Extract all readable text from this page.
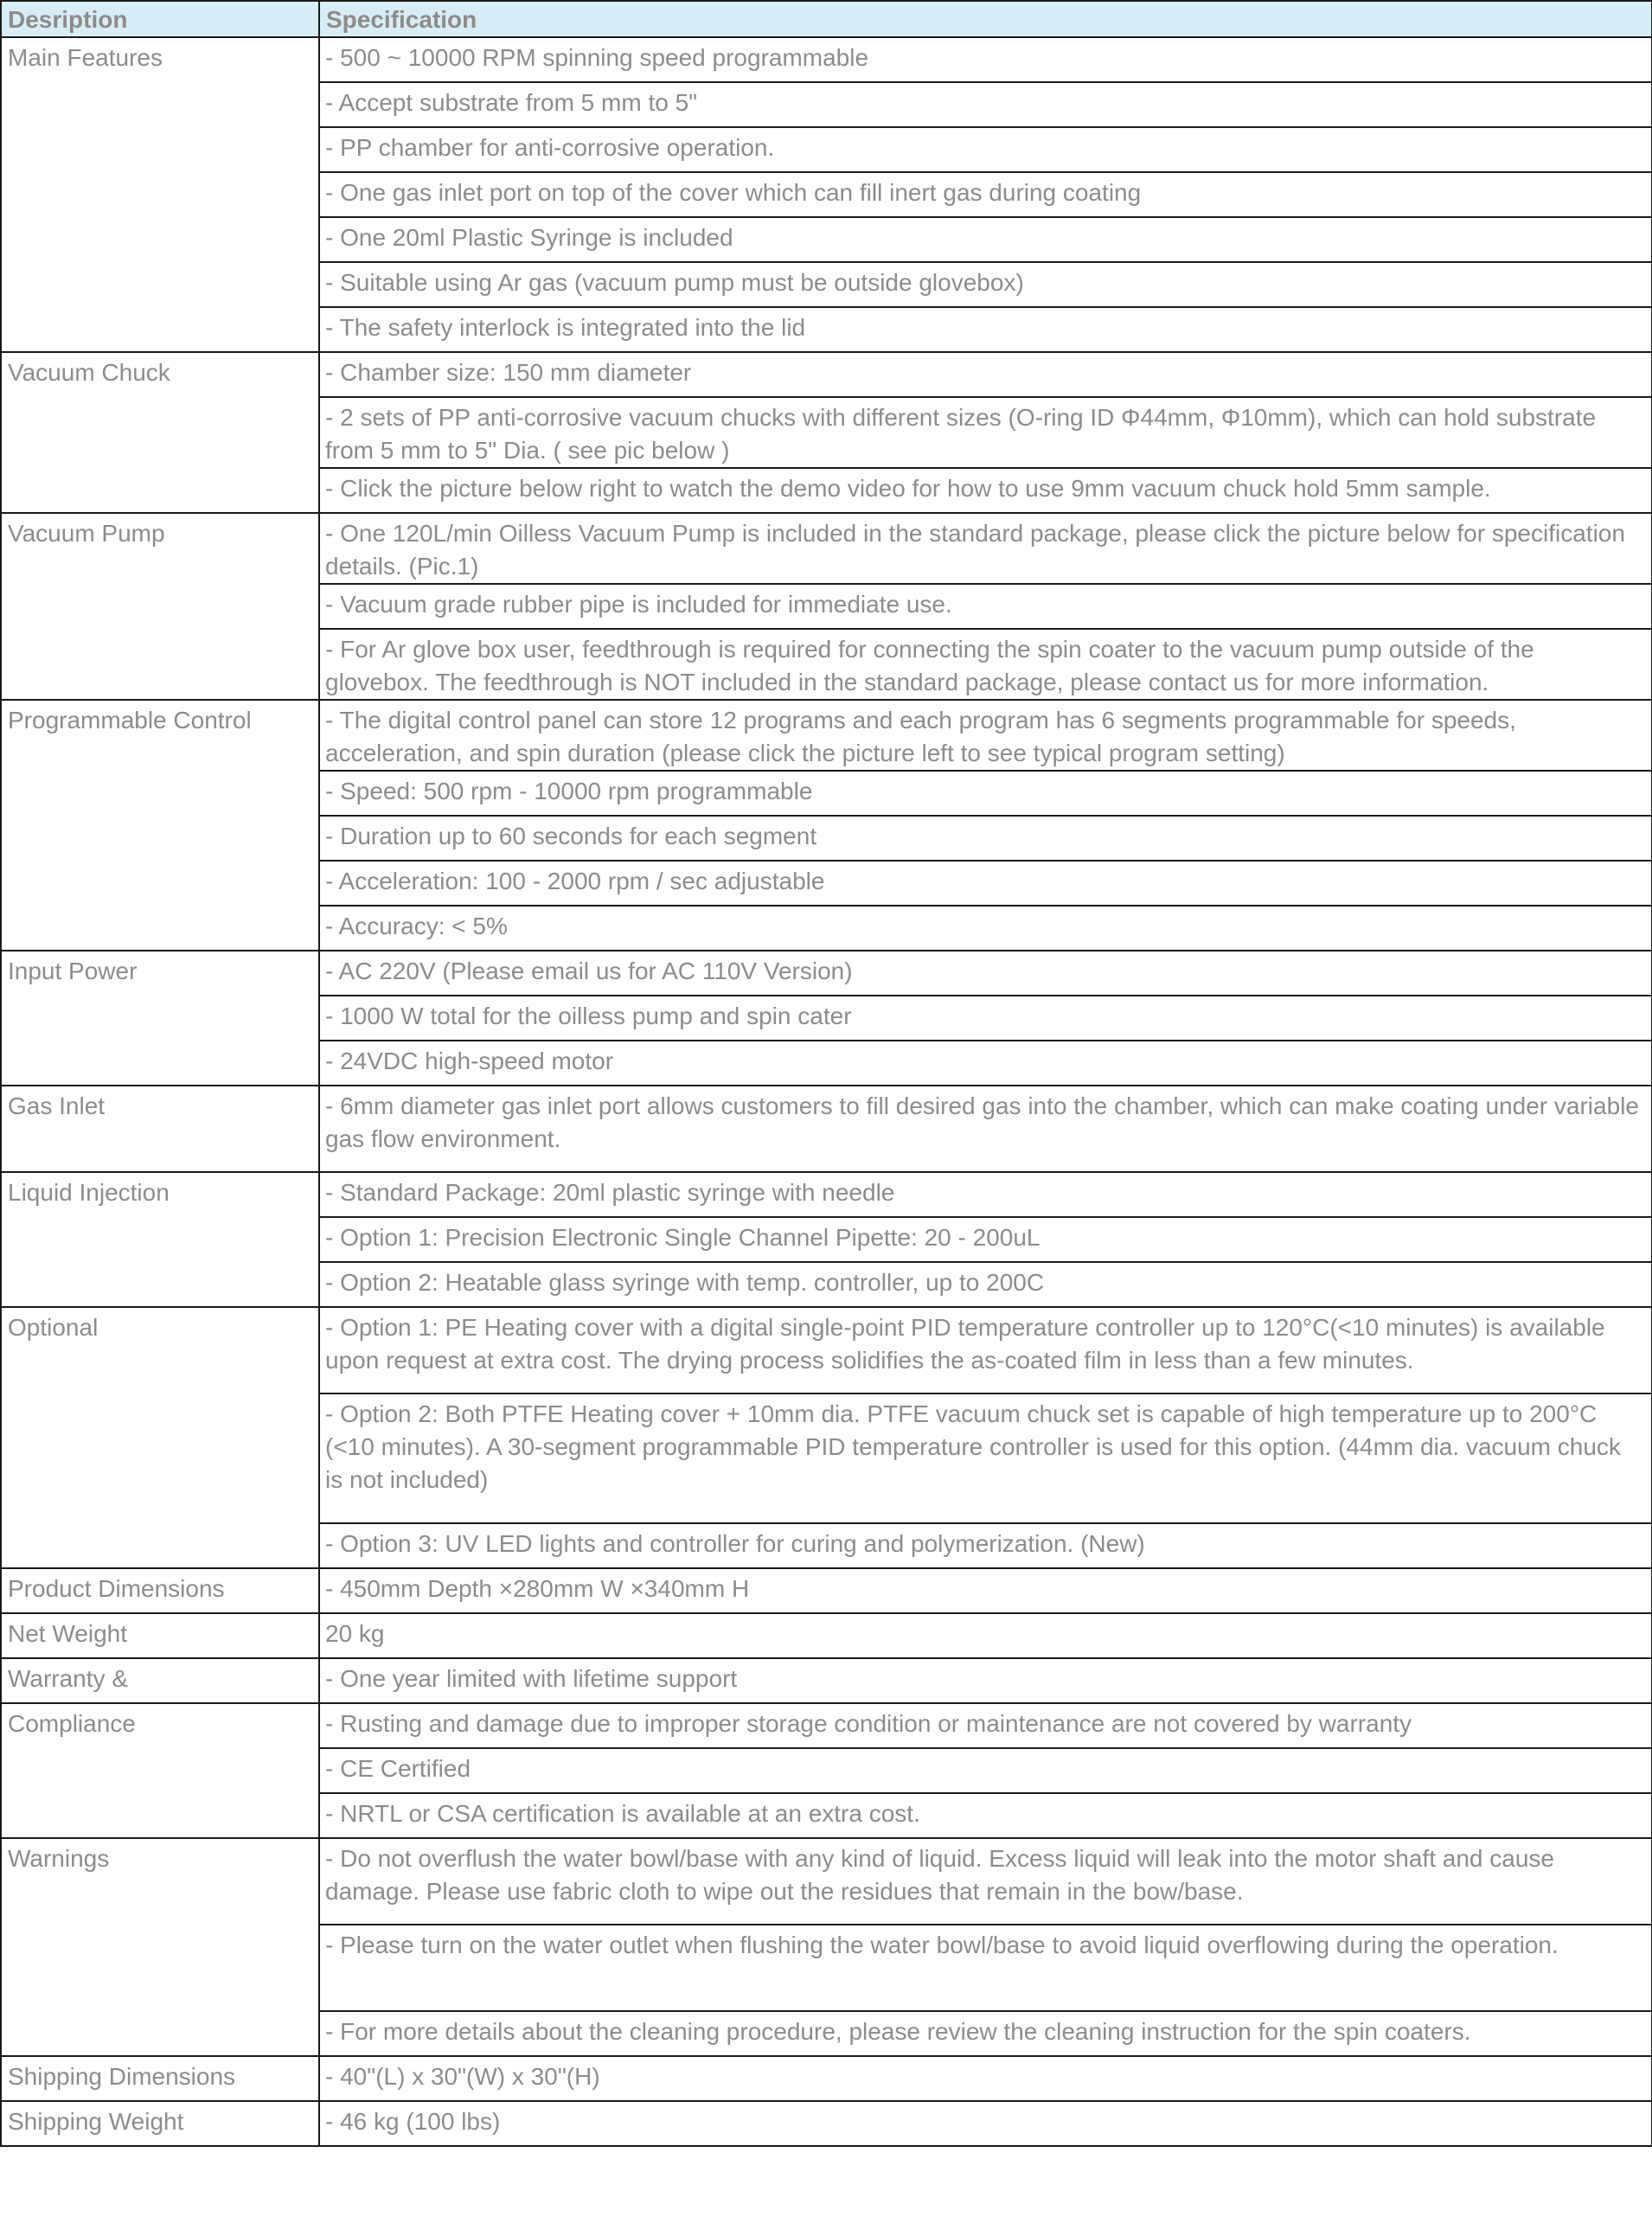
Desription	Specification
Main Features	- 500 ~ 10000 RPM spinning speed programmable
	- Accept substrate from 5 mm to 5"
	- PP chamber for anti-corrosive operation.
	- One gas inlet port on top of the cover which can fill inert gas during coating
	- One 20ml Plastic Syringe is included
	- Suitable using Ar gas (vacuum pump must be outside glovebox)
	- The safety interlock is integrated into the lid
Vacuum Chuck	- Chamber size: 150 mm diameter
	- 2 sets of PP anti-corrosive vacuum chucks with different sizes (O-ring ID Φ44mm, Φ10mm), which can hold substrate from 5 mm to 5" Dia. ( see pic below )
	- Click the picture below right to watch the demo video for how to use 9mm vacuum chuck hold 5mm sample.
Vacuum Pump	- One 120L/min Oilless Vacuum Pump is included in the standard package, please click the picture below for specification details. (Pic.1)
	- Vacuum grade rubber pipe is included for immediate use.
	- For Ar glove box user, feedthrough is required for connecting the spin coater to the vacuum pump outside of the glovebox. The feedthrough is NOT included in the standard package, please contact us for more information.
Programmable Control	- The digital control panel can store 12 programs and each program has 6 segments programmable for speeds, acceleration, and spin duration (please click the picture left to see typical program setting)
	- Speed: 500 rpm - 10000 rpm programmable
	- Duration up to 60 seconds for each segment
	- Acceleration: 100 - 2000 rpm / sec adjustable
	- Accuracy: < 5%
Input Power	- AC 220V (Please email us for AC 110V Version)
	- 1000 W total for the oilless pump and spin cater
	- 24VDC high-speed motor
Gas Inlet	- 6mm diameter gas inlet port allows customers to fill desired gas into the chamber, which can make coating under variable gas flow environment.
Liquid Injection	- Standard Package: 20ml plastic syringe with needle
	- Option 1: Precision Electronic Single Channel Pipette: 20 - 200uL
	- Option 2: Heatable glass syringe with temp. controller, up to 200C
Optional	- Option 1: PE Heating cover with a digital single-point PID temperature controller up to 120°C(<10 minutes) is available upon request at extra cost. The drying process solidifies the as-coated film in less than a few minutes.
	- Option 2: Both PTFE Heating cover + 10mm dia. PTFE vacuum chuck set is capable of high temperature up to 200°C (<10 minutes). A 30-segment programmable PID temperature controller is used for this option. (44mm dia. vacuum chuck is not included)
	- Option 3: UV LED lights and controller for curing and polymerization. (New)
Product Dimensions	- 450mm Depth ×280mm W ×340mm H
Net Weight	20 kg
Warranty &	- One year limited with lifetime support
Compliance	- Rusting and damage due to improper storage condition or maintenance are not covered by warranty
	- CE Certified
	- NRTL or CSA certification is available at an extra cost.
Warnings	- Do not overflush the water bowl/base with any kind of liquid. Excess liquid will leak into the motor shaft and cause damage. Please use fabric cloth to wipe out the residues that remain in the bow/base.
	- Please turn on the water outlet when flushing the water bowl/base to avoid liquid overflowing during the operation.
	- For more details about the cleaning procedure, please review the cleaning instruction for the spin coaters.
Shipping Dimensions	- 40"(L) x 30"(W) x 30"(H)
Shipping Weight	- 46 kg (100 lbs)
